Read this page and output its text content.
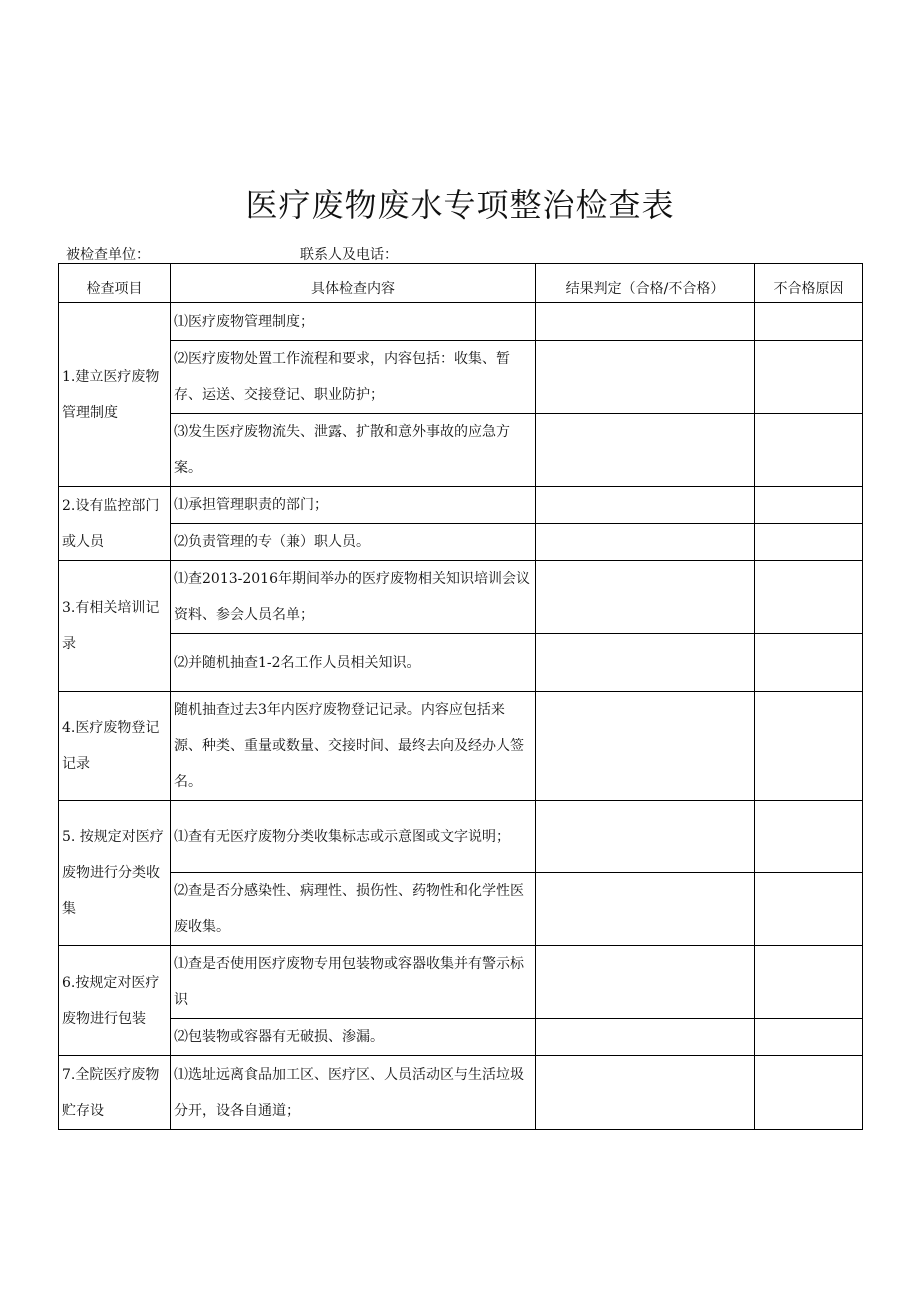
医疗废物废水专项整治检查表
被检查单位：	联系人及电话：
检查项目	具体检查内容	结果判定（合格/不合格）	不合格原因
1.建立医疗废物管理制度	⑴医疗废物管理制度；		
	⑵医疗废物处置工作流程和要求，内容包括：收集、暂存、运送、交接登记、职业防护；		
	⑶发生医疗废物流失、泄露、扩散和意外事故的应急方案。		
2.设有监控部门或人员	⑴承担管理职责的部门；		
	⑵负责管理的专（兼）职人员。		
3.有相关培训记录	⑴查2013-2016年期间举办的医疗废物相关知识培训会议资料、参会人员名单；		
	⑵并随机抽查1-2名工作人员相关知识。		
4.医疗废物登记记录	随机抽查过去3年内医疗废物登记记录。内容应包括来源、种类、重量或数量、交接时间、最终去向及经办人签名。		
5. 按规定对医疗废物进行分类收集	⑴查有无医疗废物分类收集标志或示意图或文字说明；		
	⑵查是否分感染性、病理性、损伤性、药物性和化学性医废收集。		
6.按规定对医疗废物进行包装	⑴查是否使用医疗废物专用包装物或容器收集并有警示标识		
	⑵包装物或容器有无破损、渗漏。		
7.全院医疗废物贮存设	⑴选址远离食品加工区、医疗区、人员活动区与生活垃圾分开，设各自通道；		
